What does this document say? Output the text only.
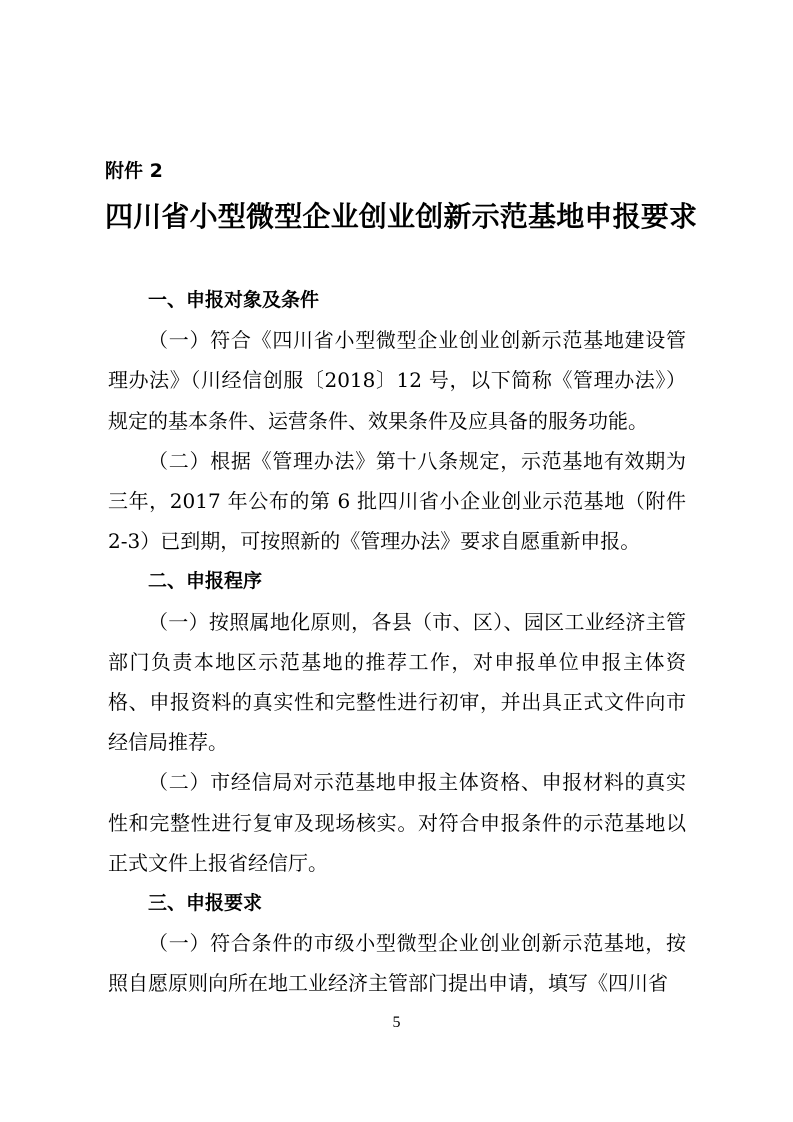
附件 2
四川省小型微型企业创业创新示范基地申报要求

一、申报对象及条件

（一）符合《四川省小型微型企业创业创新示范基地建设管理办法》（川经信创服〔2018〕12 号，以下简称《管理办法》）规定的基本条件、运营条件、效果条件及应具备的服务功能。

（二）根据《管理办法》第十八条规定，示范基地有效期为三年，2017 年公布的第 6 批四川省小企业创业示范基地（附件 2-3）已到期，可按照新的《管理办法》要求自愿重新申报。

二、申报程序

（一）按照属地化原则，各县（市、区）、园区工业经济主管部门负责本地区示范基地的推荐工作，对申报单位申报主体资格、申报资料的真实性和完整性进行初审，并出具正式文件向市经信局推荐。

（二）市经信局对示范基地申报主体资格、申报材料的真实性和完整性进行复审及现场核实。对符合申报条件的示范基地以正式文件上报省经信厅。

三、申报要求

（一）符合条件的市级小型微型企业创业创新示范基地，按照自愿原则向所在地工业经济主管部门提出申请，填写《四川省

5
